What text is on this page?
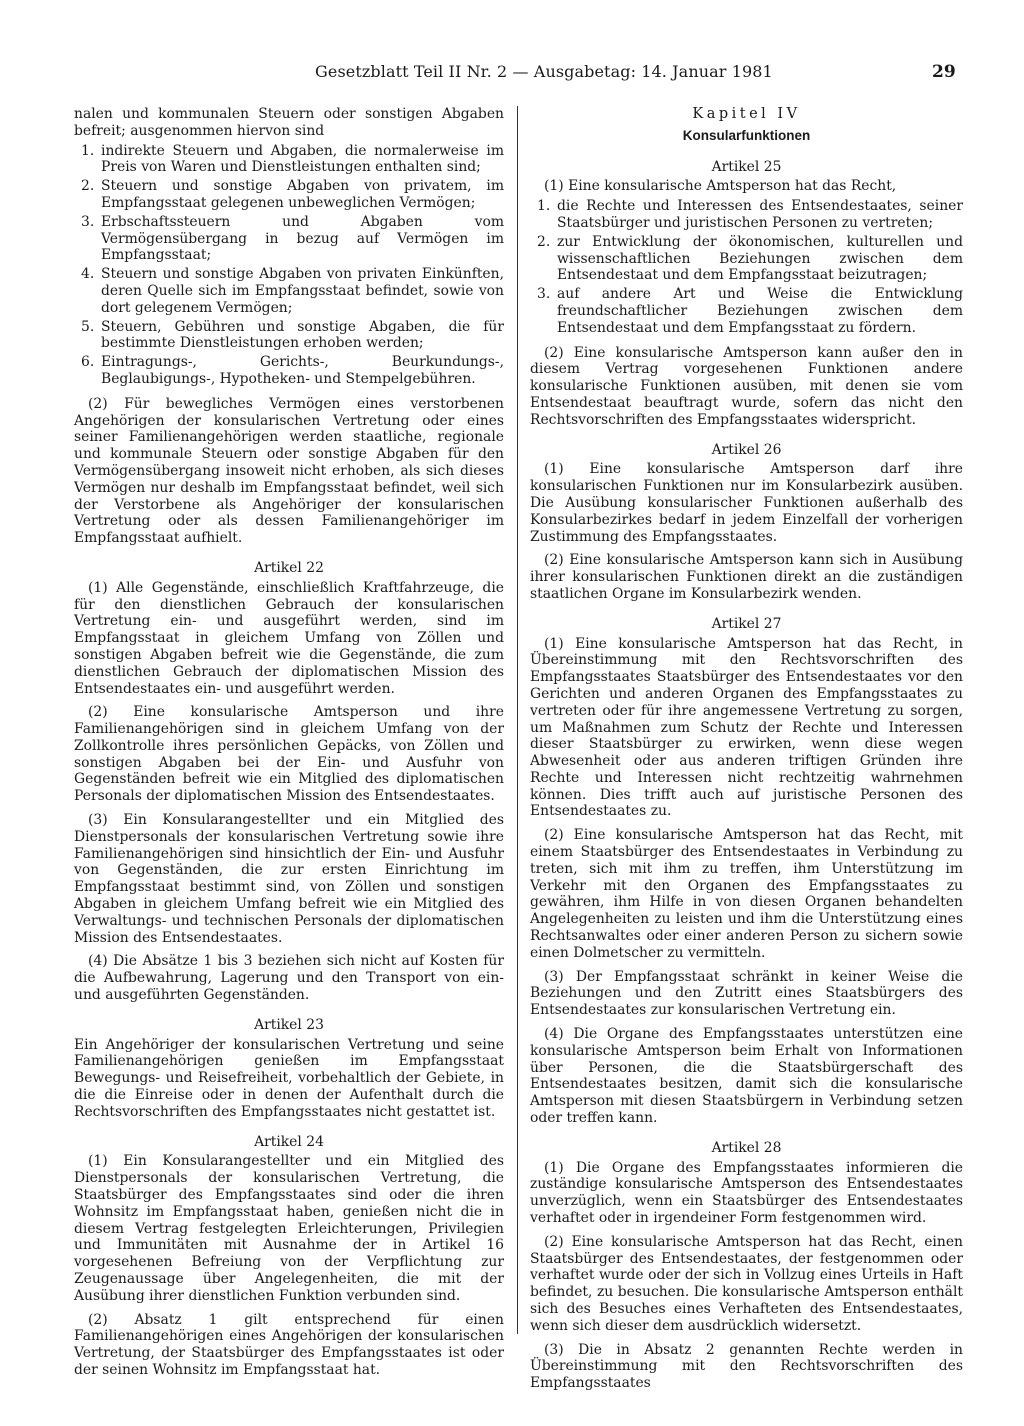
Gesetzblatt Teil II Nr. 2 — Ausgabetag: 14. Januar 1981	29

nalen und kommunalen Steuern oder sonstigen Abgaben befreit; ausgenommen hiervon sind

1. indirekte Steuern und Abgaben, die normalerweise im Preis von Waren und Dienstleistungen enthalten sind;
2. Steuern und sonstige Abgaben von privatem, im Empfangsstaat gelegenen unbeweglichen Vermögen;
3. Erbschaftssteuern und Abgaben vom Vermögensübergang in bezug auf Vermögen im Empfangsstaat;
4. Steuern und sonstige Abgaben von privaten Einkünften, deren Quelle sich im Empfangsstaat befindet, sowie von dort gelegenem Vermögen;
5. Steuern, Gebühren und sonstige Abgaben, die für bestimmte Dienstleistungen erhoben werden;
6. Eintragungs-, Gerichts-, Beurkundungs-, Beglaubigungs-, Hypotheken- und Stempelgebühren.

(2) Für bewegliches Vermögen eines verstorbenen Angehörigen der konsularischen Vertretung oder eines seiner Familienangehörigen werden staatliche, regionale und kommunale Steuern oder sonstige Abgaben für den Vermögensübergang insoweit nicht erhoben, als sich dieses Vermögen nur deshalb im Empfangsstaat befindet, weil sich der Verstorbene als Angehöriger der konsularischen Vertretung oder als dessen Familienangehöriger im Empfangsstaat aufhielt.

Artikel 22

(1) Alle Gegenstände, einschließlich Kraftfahrzeuge, die für den dienstlichen Gebrauch der konsularischen Vertretung ein- und ausgeführt werden, sind im Empfangsstaat in gleichem Umfang von Zöllen und sonstigen Abgaben befreit wie die Gegenstände, die zum dienstlichen Gebrauch der diplomatischen Mission des Entsendestaates ein- und ausgeführt werden.

(2) Eine konsularische Amtsperson und ihre Familienangehörigen sind in gleichem Umfang von der Zollkontrolle ihres persönlichen Gepäcks, von Zöllen und sonstigen Abgaben bei der Ein- und Ausfuhr von Gegenständen befreit wie ein Mitglied des diplomatischen Personals der diplomatischen Mission des Entsendestaates.

(3) Ein Konsularangestellter und ein Mitglied des Dienstpersonals der konsularischen Vertretung sowie ihre Familienangehörigen sind hinsichtlich der Ein- und Ausfuhr von Gegenständen, die zur ersten Einrichtung im Empfangsstaat bestimmt sind, von Zöllen und sonstigen Abgaben in gleichem Umfang befreit wie ein Mitglied des Verwaltungs- und technischen Personals der diplomatischen Mission des Entsendestaates.

(4) Die Absätze 1 bis 3 beziehen sich nicht auf Kosten für die Aufbewahrung, Lagerung und den Transport von ein- und ausgeführten Gegenständen.

Artikel 23

Ein Angehöriger der konsularischen Vertretung und seine Familienangehörigen genießen im Empfangsstaat Bewegungs- und Reisefreiheit, vorbehaltlich der Gebiete, in die die Einreise oder in denen der Aufenthalt durch die Rechtsvorschriften des Empfangsstaates nicht gestattet ist.

Artikel 24

(1) Ein Konsularangestellter und ein Mitglied des Dienstpersonals der konsularischen Vertretung, die Staatsbürger des Empfangsstaates sind oder die ihren Wohnsitz im Empfangsstaat haben, genießen nicht die in diesem Vertrag festgelegten Erleichterungen, Privilegien und Immunitäten mit Ausnahme der in Artikel 16 vorgesehenen Befreiung von der Verpflichtung zur Zeugenaussage über Angelegenheiten, die mit der Ausübung ihrer dienstlichen Funktion verbunden sind.

(2) Absatz 1 gilt entsprechend für einen Familienangehörigen eines Angehörigen der konsularischen Vertretung, der Staatsbürger des Empfangsstaates ist oder der seinen Wohnsitz im Empfangsstaat hat.

Kapitel IV
Konsularfunktionen
Artikel 25

(1) Eine konsularische Amtsperson hat das Recht,

1. die Rechte und Interessen des Entsendestaates, seiner Staatsbürger und juristischen Personen zu vertreten;
2. zur Entwicklung der ökonomischen, kulturellen und wissenschaftlichen Beziehungen zwischen dem Entsendestaat und dem Empfangsstaat beizutragen;
3. auf andere Art und Weise die Entwicklung freundschaftlicher Beziehungen zwischen dem Entsendestaat und dem Empfangsstaat zu fördern.

(2) Eine konsularische Amtsperson kann außer den in diesem Vertrag vorgesehenen Funktionen andere konsularische Funktionen ausüben, mit denen sie vom Entsendestaat beauftragt wurde, sofern das nicht den Rechtsvorschriften des Empfangsstaates widerspricht.

Artikel 26

(1) Eine konsularische Amtsperson darf ihre konsularischen Funktionen nur im Konsularbezirk ausüben. Die Ausübung konsularischer Funktionen außerhalb des Konsularbezirkes bedarf in jedem Einzelfall der vorherigen Zustimmung des Empfangsstaates.

(2) Eine konsularische Amtsperson kann sich in Ausübung ihrer konsularischen Funktionen direkt an die zuständigen staatlichen Organe im Konsularbezirk wenden.

Artikel 27

(1) Eine konsularische Amtsperson hat das Recht, in Übereinstimmung mit den Rechtsvorschriften des Empfangsstaates Staatsbürger des Entsendestaates vor den Gerichten und anderen Organen des Empfangsstaates zu vertreten oder für ihre angemessene Vertretung zu sorgen, um Maßnahmen zum Schutz der Rechte und Interessen dieser Staatsbürger zu erwirken, wenn diese wegen Abwesenheit oder aus anderen triftigen Gründen ihre Rechte und Interessen nicht rechtzeitig wahrnehmen können. Dies trifft auch auf juristische Personen des Entsendestaates zu.

(2) Eine konsularische Amtsperson hat das Recht, mit einem Staatsbürger des Entsendestaates in Verbindung zu treten, sich mit ihm zu treffen, ihm Unterstützung im Verkehr mit den Organen des Empfangsstaates zu gewähren, ihm Hilfe in von diesen Organen behandelten Angelegenheiten zu leisten und ihm die Unterstützung eines Rechtsanwaltes oder einer anderen Person zu sichern sowie einen Dolmetscher zu vermitteln.

(3) Der Empfangsstaat schränkt in keiner Weise die Beziehungen und den Zutritt eines Staatsbürgers des Entsendestaates zur konsularischen Vertretung ein.

(4) Die Organe des Empfangsstaates unterstützen eine konsularische Amtsperson beim Erhalt von Informationen über Personen, die die Staatsbürgerschaft des Entsendestaates besitzen, damit sich die konsularische Amtsperson mit diesen Staatsbürgern in Verbindung setzen oder treffen kann.

Artikel 28

(1) Die Organe des Empfangsstaates informieren die zuständige konsularische Amtsperson des Entsendestaates unverzüglich, wenn ein Staatsbürger des Entsendestaates verhaftet oder in irgendeiner Form festgenommen wird.

(2) Eine konsularische Amtsperson hat das Recht, einen Staatsbürger des Entsendestaates, der festgenommen oder verhaftet wurde oder der sich in Vollzug eines Urteils in Haft befindet, zu besuchen. Die konsularische Amtsperson enthält sich des Besuches eines Verhafteten des Entsendestaates, wenn sich dieser dem ausdrücklich widersetzt.

(3) Die in Absatz 2 genannten Rechte werden in Übereinstimmung mit den Rechtsvorschriften des Empfangsstaates
